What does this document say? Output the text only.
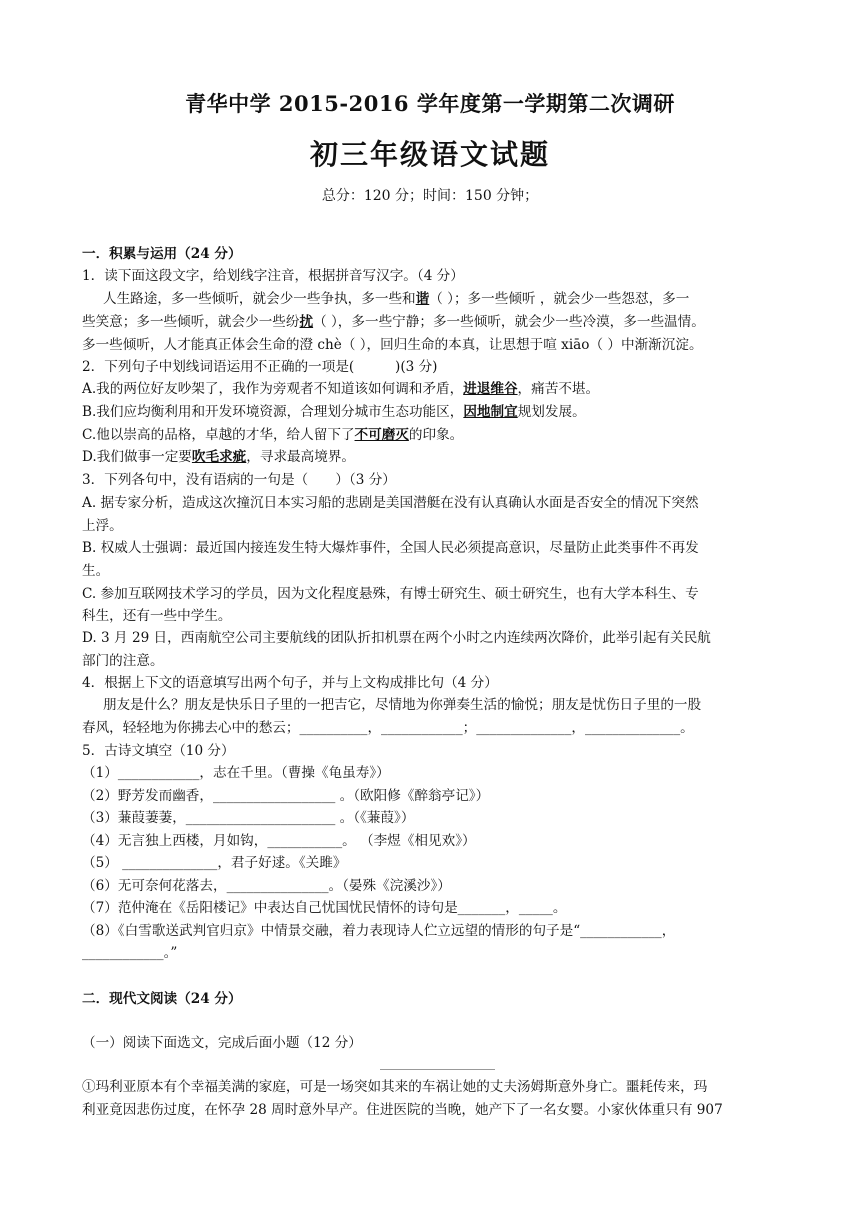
青华中学 2015-2016 学年度第一学期第二次调研
初三年级语文试题
总分：120 分；时间：150 分钟；
一．积累与运用（24 分）
1．读下面这段文字，给划线字注音，根据拼音写汉字。（4 分）
人生路途，多一些倾听，就会少一些争执，多一些和谐（ ）；多一些倾听 ，就会少一些怨怼，多一
些笑意；多一些倾听，就会少一些纷扰（ ），多一些宁静；多一些倾听，就会少一些冷漠，多一些温情。
多一些倾听，人才能真正体会生命的澄 chè（ ），回归生命的本真，让思想于喧 xiāo（ ）中渐渐沉淀。
2．下列句子中划线词语运用不正确的一项是(　　　)(3 分)
A.我的两位好友吵架了，我作为旁观者不知道该如何调和矛盾，进退维谷，痛苦不堪。
B.我们应均衡利用和开发环境资源，合理划分城市生态功能区，因地制宜规划发展。
C.他以崇高的品格，卓越的才华，给人留下了不可磨灭的印象。
D.我们做事一定要吹毛求疵，寻求最高境界。
3．下列各句中，没有语病的一句是（　　）（3 分）
A. 据专家分析，造成这次撞沉日本实习船的悲剧是美国潜艇在没有认真确认水面是否安全的情况下突然
上浮。
B. 权威人士强调：最近国内接连发生特大爆炸事件，全国人民必须提高意识，尽量防止此类事件不再发
生。
C. 参加互联网技术学习的学员，因为文化程度悬殊，有博士研究生、硕士研究生，也有大学本科生、专
科生，还有一些中学生。
D. 3 月 29 日，西南航空公司主要航线的团队折扣机票在两个小时之内连续两次降价，此举引起有关民航
部门的注意。
4．根据上下文的语意填写出两个句子，并与上文构成排比句（4 分）
朋友是什么？朋友是快乐日子里的一把吉它，尽情地为你弹奏生活的愉悦；朋友是忧伤日子里的一股
春风，轻轻地为你拂去心中的愁云；__________，____________；______________，______________。
5．古诗文填空（10 分）
（1）____________，志在千里。（曹操《龟虽寿》）
（2）野芳发而幽香，__________________ 。（欧阳修《醉翁亭记》）
（3）蒹葭萋萋，______________________ 。（《蒹葭》）
（4）无言独上西楼，月如钩，___________。 （李煜《相见欢》）
（5） ______________，君子好逑。《关雎》
（6）无可奈何花落去，_______________。（晏殊《浣溪沙》）
（7）范仲淹在《岳阳楼记》中表达自己忧国忧民情怀的诗句是_______，_____。
（8）《白雪歌送武判官归京》中情景交融，着力表现诗人伫立远望的情形的句子是“____________，
____________。”
二．现代文阅读（24 分）
（一）阅读下面选文，完成后面小题（12 分）
①玛利亚原本有个幸福美满的家庭，可是一场突如其来的车祸让她的丈夫汤姆斯意外身亡。噩耗传来，玛
利亚竟因悲伤过度，在怀孕 28 周时意外早产。住进医院的当晚，她产下了一名女婴。小家伙体重只有 907
